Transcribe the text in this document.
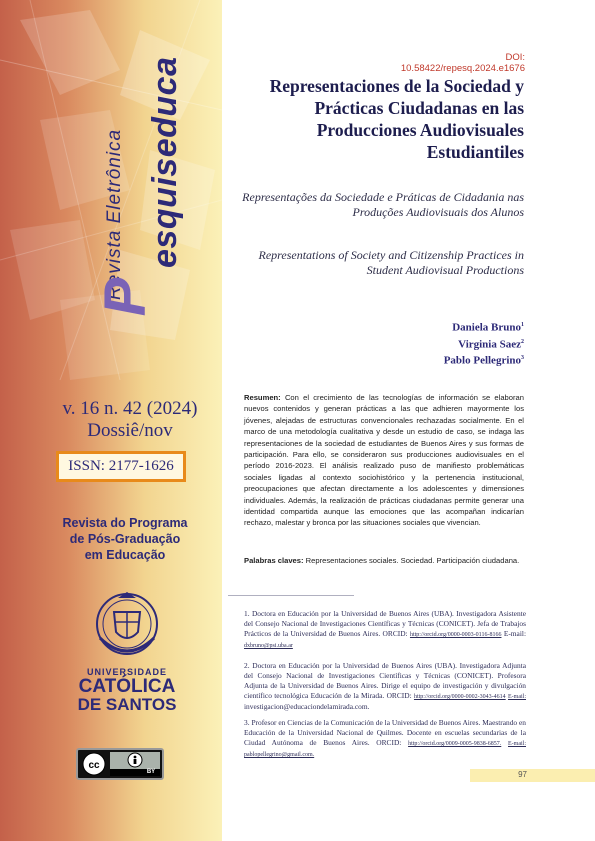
Revista Eletrônica
P
esquiseduca
v. 16 n. 42 (2024)
Dossiê/nov
ISSN: 2177-1626
Revista do Programa
de Pós-Graduação
em Educação
UNIVERSIDADE
CATÓLICA
DE SANTOS
cc
BY
DOI: 10.58422/repesq.2024.e1676
Representaciones de la Sociedad y Prácticas Ciudadanas en las Producciones Audiovisuales Estudiantiles
Representações da Sociedade e Práticas de Cidadania nas Produções Audiovisuais dos Alunos
Representations of Society and Citizenship Practices in Student Audiovisual Productions
Daniela Bruno$^1$
Virginia Saez$^2$
Pablo Pellegrino$^3$

Resumen: Con el crecimiento de las tecnologías de información se elaboran nuevos contenidos y generan prácticas a las que adhieren mayormente los jóvenes, alejadas de estructuras convencionales rechazadas socialmente. En el marco de una metodología cualitativa y desde un estudio de caso, se indaga las representaciones de la sociedad de estudiantes de Buenos Aires y sus formas de participación. Para ello, se consideraron sus producciones audiovisuales en el período 2016-2023. El análisis realizado puso de manifiesto problemáticas sociales ligadas al contexto sociohistórico y la pertenencia institucional, preocupaciones que afectan directamente a los adolescentes y dimensiones individuales. Además, la realización de prácticas ciudadanas permite generar una identidad compartida aunque las emociones que las acompañan indicarían rechazo, malestar y bronca por las situaciones sociales que vivencian.

Palabras claves: Representaciones sociales. Sociedad. Participación ciudadana.

1. Doctora en Educación por la Universidad de Buenos Aires (UBA). Investigadora Asistente del Consejo Nacional de Investigaciones Científicas y Técnicas (CONICET). Jefa de Trabajos Prácticos de la Universidad de Buenos Aires. ORCID: http://orcid.org/0000-0003-0116-8166 E-mail: dxbruno@psi.uba.ar

2. Doctora en Educación por la Universidad de Buenos Aires (UBA). Investigadora Adjunta del Consejo Nacional de Investigaciones Científicas y Técnicas (CONICET). Profesora Adjunta de la Universidad de Buenos Aires. Dirige el equipo de investigación y divulgación científico tecnológica Educación de la Mirada. ORCID: http://orcid.org/0000-0002-3043-4614 E-mail: investigacion@educaciondelamirada.com.

3. Profesor en Ciencias de la Comunicación de la Universidad de Buenos Aires. Maestrando en Educación de la Universidad Nacional de Quilmes. Docente en escuelas secundarias de la Ciudad Autónoma de Buenos Aires. ORCID: http://orcid.org/0009-0005-9838-6857. E-mail: pablopellegrino@gmail.com.

97
